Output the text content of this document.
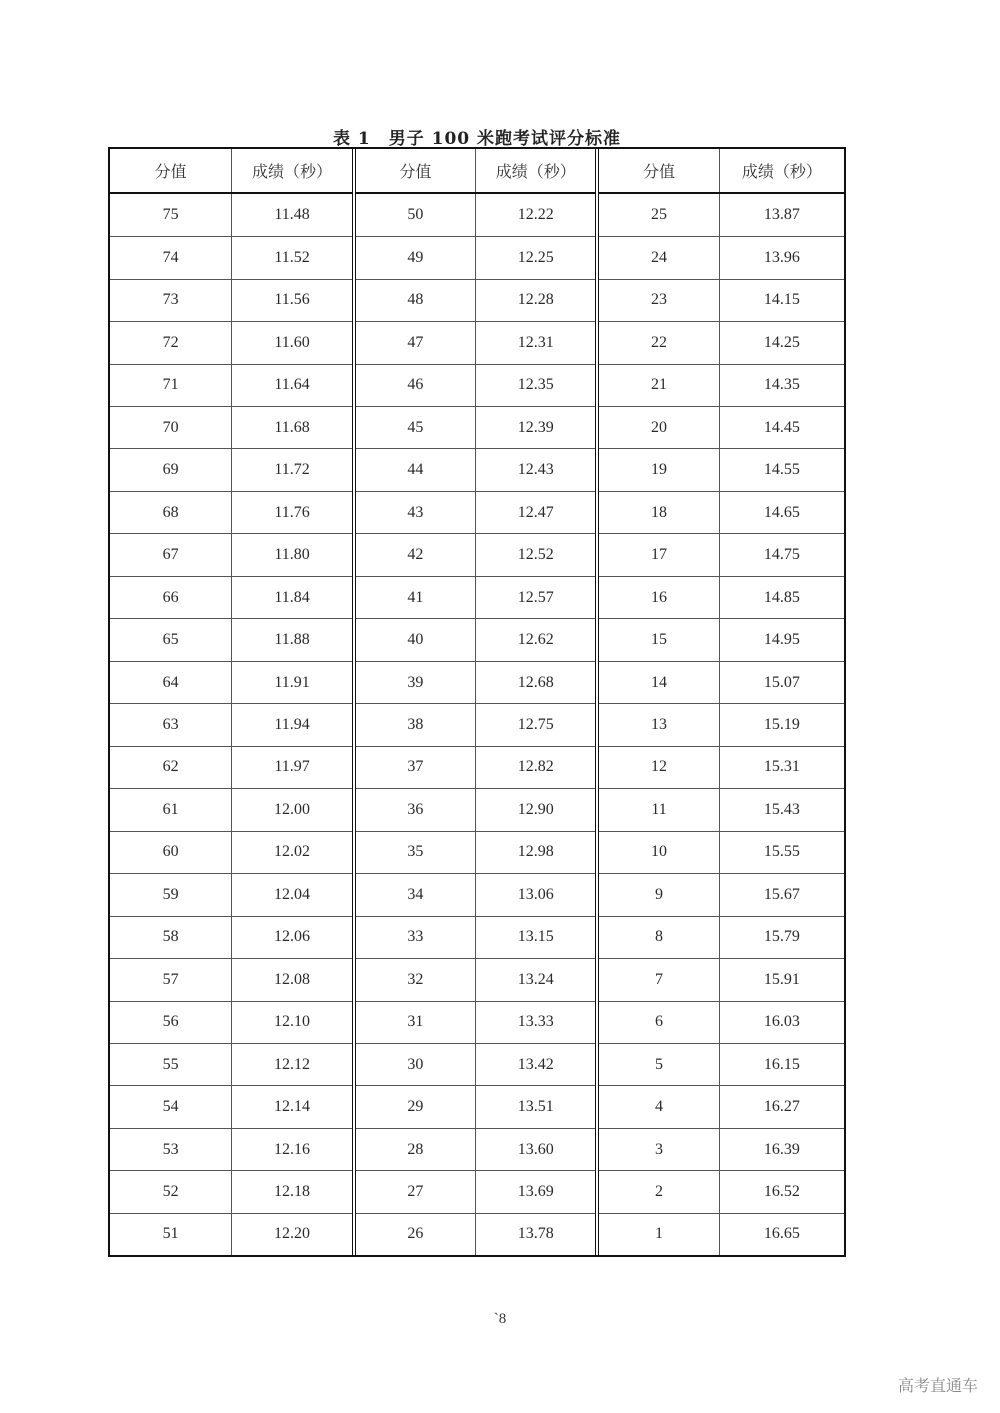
表 1　男子 100 米跑考试评分标准
分值	成绩（秒）	分值	成绩（秒）	分值	成绩（秒）
75	11.48	50	12.22	25	13.87
74	11.52	49	12.25	24	13.96
73	11.56	48	12.28	23	14.15
72	11.60	47	12.31	22	14.25
71	11.64	46	12.35	21	14.35
70	11.68	45	12.39	20	14.45
69	11.72	44	12.43	19	14.55
68	11.76	43	12.47	18	14.65
67	11.80	42	12.52	17	14.75
66	11.84	41	12.57	16	14.85
65	11.88	40	12.62	15	14.95
64	11.91	39	12.68	14	15.07
63	11.94	38	12.75	13	15.19
62	11.97	37	12.82	12	15.31
61	12.00	36	12.90	11	15.43
60	12.02	35	12.98	10	15.55
59	12.04	34	13.06	9	15.67
58	12.06	33	13.15	8	15.79
57	12.08	32	13.24	7	15.91
56	12.10	31	13.33	6	16.03
55	12.12	30	13.42	5	16.15
54	12.14	29	13.51	4	16.27
53	12.16	28	13.60	3	16.39
52	12.18	27	13.69	2	16.52
51	12.20	26	13.78	1	16.65
`8
高考直通车
